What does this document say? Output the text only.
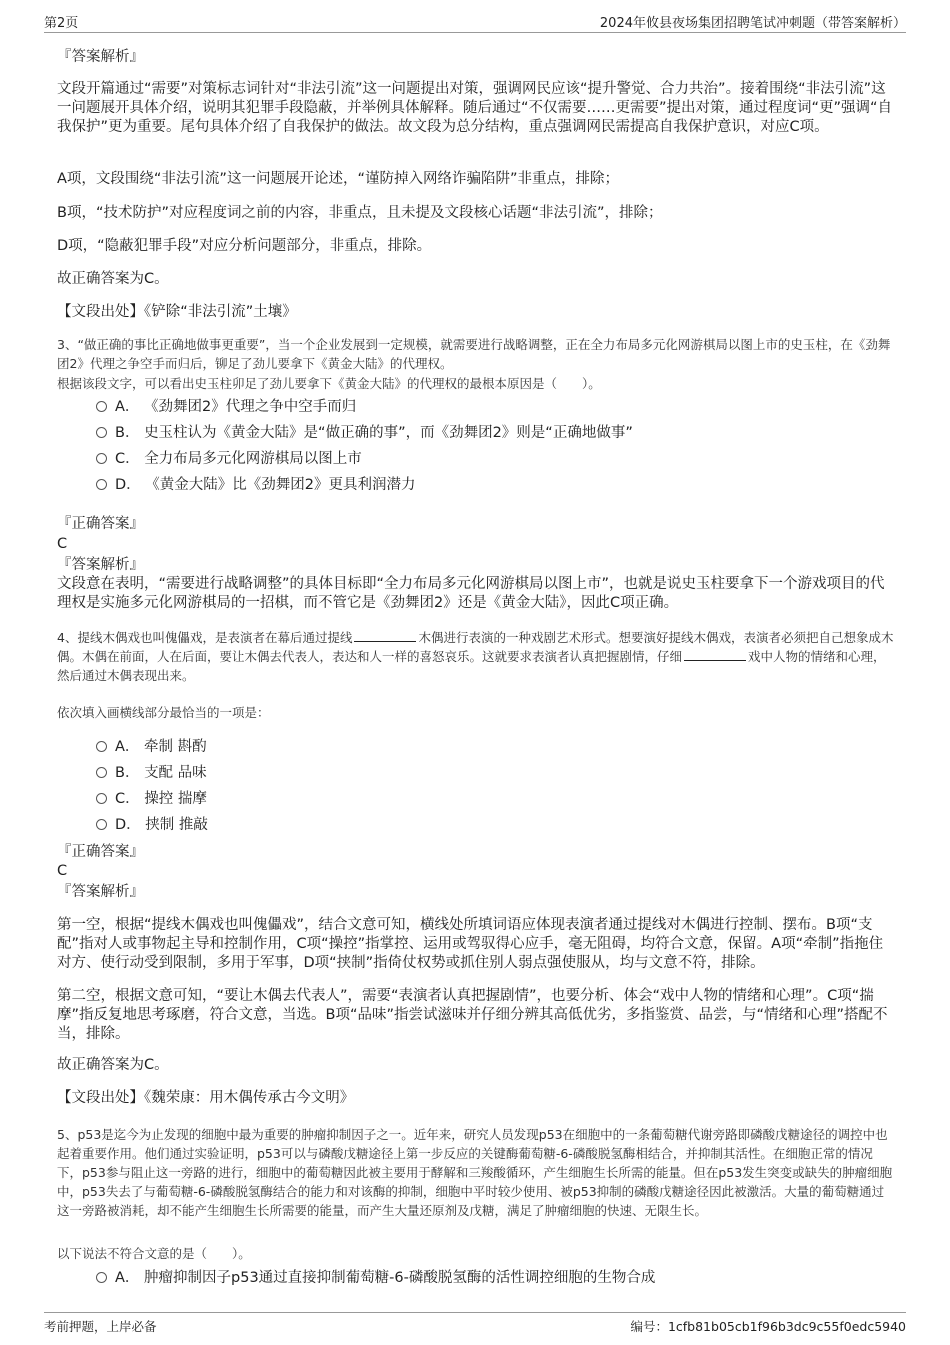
第2页	2024年攸县夜场集团招聘笔试冲刺题（带答案解析）

『答案解析』

文段开篇通过“需要”对策标志词针对“非法引流”这一问题提出对策，强调网民应该“提升警觉、合力共治”。接着围绕“非法引流”这一问题展开具体介绍，说明其犯罪手段隐蔽，并举例具体解释。随后通过“不仅需要……更需要”提出对策，通过程度词“更”强调“自我保护”更为重要。尾句具体介绍了自我保护的做法。故文段为总分结构，重点强调网民需提高自我保护意识，对应C项。

A项，文段围绕“非法引流”这一问题展开论述，“谨防掉入网络诈骗陷阱”非重点，排除；

B项，“技术防护”对应程度词之前的内容，非重点，且未提及文段核心话题“非法引流”，排除；

D项，“隐蔽犯罪手段”对应分析问题部分，非重点，排除。

故正确答案为C。

【文段出处】《铲除“非法引流”土壤》

3、“做正确的事比正确地做事更重要”，当一个企业发展到一定规模，就需要进行战略调整，正在全力布局多元化网游棋局以图上市的史玉柱，在《劲舞团2》代理之争空手而归后，铆足了劲儿要拿下《黄金大陆》的代理权。

根据该段文字，可以看出史玉柱卯足了劲儿要拿下《黄金大陆》的代理权的最根本原因是（　　）。

A． 《劲舞团2》代理之争中空手而归
B． 史玉柱认为《黄金大陆》是“做正确的事”，而《劲舞团2》则是“正确地做事”
C． 全力布局多元化网游棋局以图上市
D． 《黄金大陆》比《劲舞团2》更具利润潜力

『正确答案』

C

『答案解析』

文段意在表明，“需要进行战略调整”的具体目标即“全力布局多元化网游棋局以图上市”，也就是说史玉柱要拿下一个游戏项目的代理权是实施多元化网游棋局的一招棋，而不管它是《劲舞团2》还是《黄金大陆》，因此C项正确。

4、提线木偶戏也叫傀儡戏，是表演者在幕后通过提线	木偶进行表演的一种戏剧艺术形式。想要演好提线木偶戏，表演者必须把自己想象成木偶。木偶在前面，人在后面，要让木偶去代表人，表达和人一样的喜怒哀乐。这就要求表演者认真把握剧情，仔细	戏中人物的情绪和心理，然后通过木偶表现出来。

依次填入画横线部分最恰当的一项是：

A． 牵制 斟酌
B． 支配 品味
C． 操控 揣摩
D． 挟制 推敲

『正确答案』

C

『答案解析』

第一空，根据“提线木偶戏也叫傀儡戏”，结合文意可知，横线处所填词语应体现表演者通过提线对木偶进行控制、摆布。B项“支配”指对人或事物起主导和控制作用，C项“操控”指掌控、运用或驾驭得心应手，毫无阻碍，均符合文意，保留。A项“牵制”指拖住对方、使行动受到限制，多用于军事，D项“挟制”指倚仗权势或抓住别人弱点强使服从，均与文意不符，排除。

第二空，根据文意可知，“要让木偶去代表人”，需要“表演者认真把握剧情”，也要分析、体会“戏中人物的情绪和心理”。C项“揣摩”指反复地思考琢磨，符合文意，当选。B项“品味”指尝试滋味并仔细分辨其高低优劣，多指鉴赏、品尝，与“情绪和心理”搭配不当，排除。

故正确答案为C。

【文段出处】《魏荣康：用木偶传承古今文明》

5、p53是迄今为止发现的细胞中最为重要的肿瘤抑制因子之一。近年来，研究人员发现p53在细胞中的一条葡萄糖代谢旁路即磷酸戊糖途径的调控中也起着重要作用。他们通过实验证明，p53可以与磷酸戊糖途径上第一步反应的关键酶葡萄糖-6-磷酸脱氢酶相结合，并抑制其活性。在细胞正常的情况下，p53参与阻止这一旁路的进行，细胞中的葡萄糖因此被主要用于酵解和三羧酸循环，产生细胞生长所需的能量。但在p53发生突变或缺失的肿瘤细胞中，p53失去了与葡萄糖-6-磷酸脱氢酶结合的能力和对该酶的抑制，细胞中平时较少使用、被p53抑制的磷酸戊糖途径因此被激活。大量的葡萄糖通过这一旁路被消耗，却不能产生细胞生长所需要的能量，而产生大量还原剂及戊糖，满足了肿瘤细胞的快速、无限生长。

以下说法不符合文意的是（　　）。

A． 肿瘤抑制因子p53通过直接抑制葡萄糖-6-磷酸脱氢酶的活性调控细胞的生物合成
考前押题，上岸必备	编号：1cfb81b05cb1f96b3dc9c55f0edc5940
